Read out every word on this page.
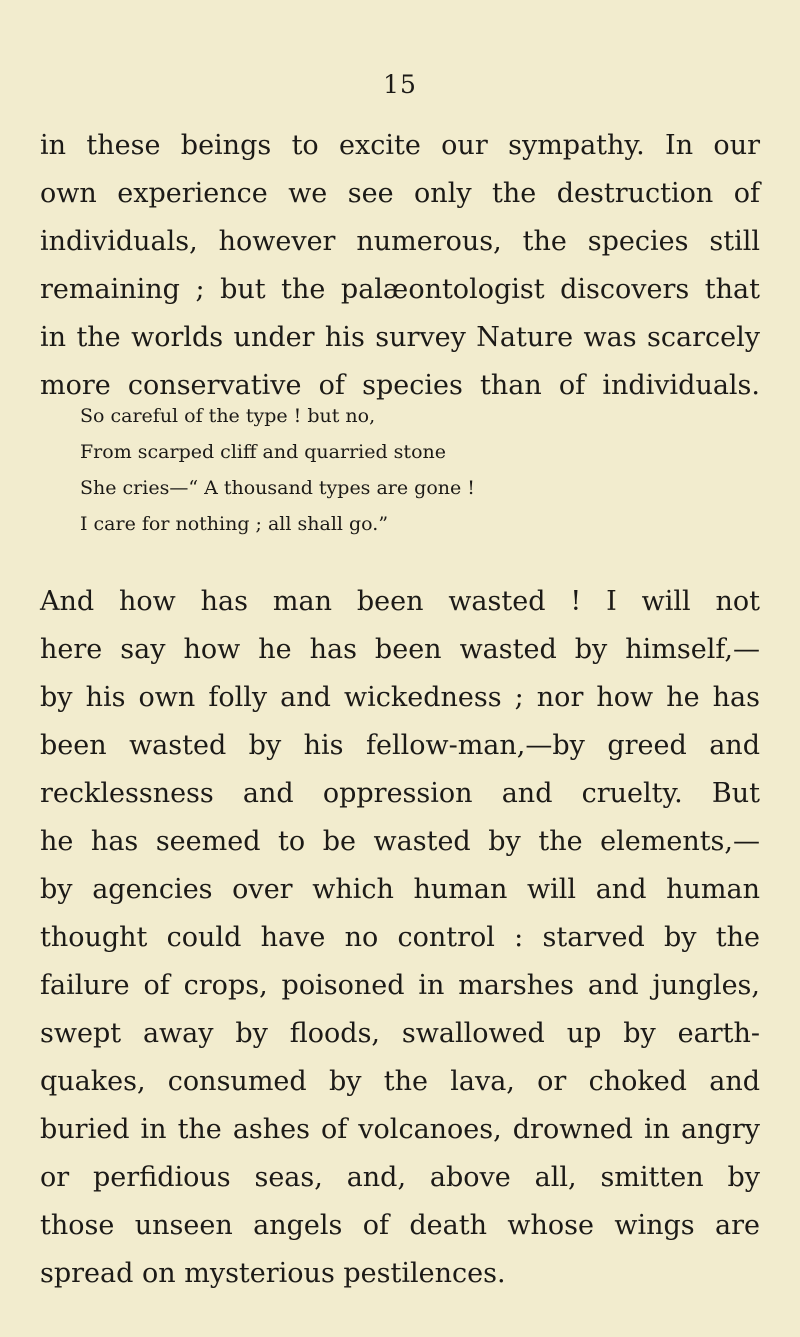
15
in these beings to excite our sympathy. In our
own experience we see only the destruction of
individuals, however numerous, the species still
remaining ; but the palæontologist discovers that
in the worlds under his survey Nature was scarcely
more conservative of species than of individuals.
So careful of the type ! but no,
From scarped cliff and quarried stone
She cries—“ A thousand types are gone !
I care for nothing ; all shall go.”
And how has man been wasted ! I will not
here say how he has been wasted by himself,—
by his own folly and wickedness ; nor how he has
been wasted by his fellow-man,—by greed and
recklessness and oppression and cruelty. But
he has seemed to be wasted by the elements,—
by agencies over which human will and human
thought could have no control : starved by the
failure of crops, poisoned in marshes and jungles,
swept away by floods, swallowed up by earth-
quakes, consumed by the lava, or choked and
buried in the ashes of volcanoes, drowned in angry
or perfidious seas, and, above all, smitten by
those unseen angels of death whose wings are
spread on mysterious pestilences.
